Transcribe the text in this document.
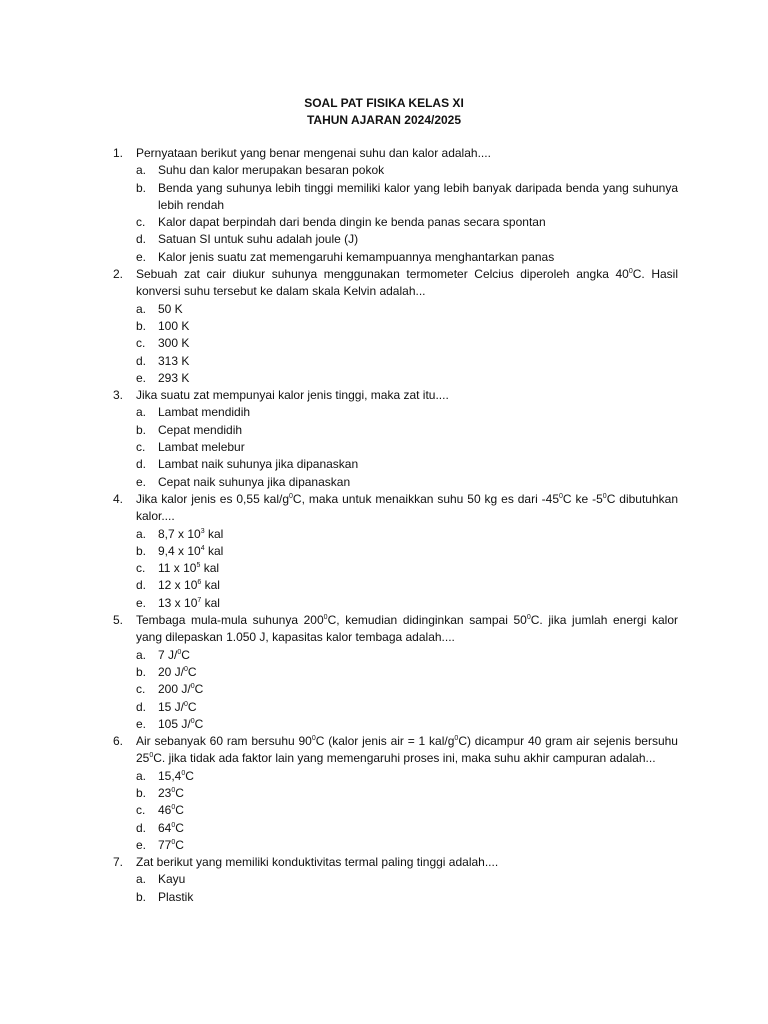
SOAL PAT FISIKA KELAS XI
TAHUN AJARAN 2024/2025
1. Pernyataan berikut yang benar mengenai suhu dan kalor adalah....
a. Suhu dan kalor merupakan besaran pokok
b. Benda yang suhunya lebih tinggi memiliki kalor yang lebih banyak daripada benda yang suhunya lebih rendah
c. Kalor dapat berpindah dari benda dingin ke benda panas secara spontan
d. Satuan SI untuk suhu adalah joule (J)
e. Kalor jenis suatu zat memengaruhi kemampuannya menghantarkan panas
2. Sebuah zat cair diukur suhunya menggunakan termometer Celcius diperoleh angka $40^0C$. Hasil konversi suhu tersebut ke dalam skala Kelvin adalah...
a. 50 K
b. 100 K
c. 300 K
d. 313 K
e. 293 K
3. Jika suatu zat mempunyai kalor jenis tinggi, maka zat itu....
a. Lambat mendidih
b. Cepat mendidih
c. Lambat melebur
d. Lambat naik suhunya jika dipanaskan
e. Cepat naik suhunya jika dipanaskan
4. Jika kalor jenis es 0,55 kal/$g^0C$, maka untuk menaikkan suhu 50 kg es dari $-45^0C$ ke $-5^0C$ dibutuhkan kalor....
a. 8,7 x $10^3$ kal
b. 9,4 x $10^4$ kal
c. 11 x $10^5$ kal
d. 12 x $10^6$ kal
e. 13 x $10^7$ kal
5. Tembaga mula-mula suhunya $200^0C$, kemudian didinginkan sampai $50^0C$. jika jumlah energi kalor yang dilepaskan 1.050 J, kapasitas kalor tembaga adalah....
a. 7 J/$^0$C
b. 20 J/$^0$C
c. 200 J/$^0$C
d. 15 J/$^0$C
e. 105 J/$^0$C
6. Air sebanyak 60 ram bersuhu $90^0C$ (kalor jenis air = 1 kal/$g^0C$) dicampur 40 gram air sejenis bersuhu $25^0C$. jika tidak ada faktor lain yang memengaruhi proses ini, maka suhu akhir campuran adalah...
a. 15,4$^0$C
b. $23^0C$
c. $46^0C$
d. $64^0C$
e. $77^0C$
7. Zat berikut yang memiliki konduktivitas termal paling tinggi adalah....
a. Kayu
b. Plastik
